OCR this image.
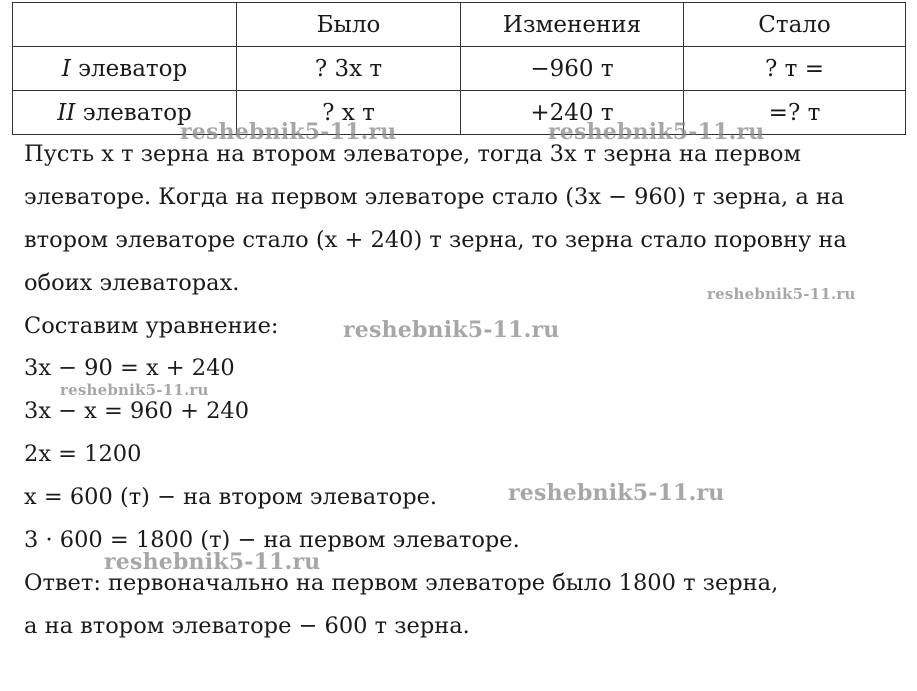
	Было	Изменения	Стало
I элеватор	? 3x т	−960 т	? т =
II элеватор	? x т	+240 т	=? т
Пусть x т зерна на втором элеваторе, тогда 3x т зерна на первом
элеваторе. Когда на первом элеваторе стало (3x − 960) т зерна, а на
втором элеваторе стало (x + 240) т зерна, то зерна стало поровну на
обоих элеваторах.
Составим уравнение:
3x − 90 = x + 240
3x − x = 960 + 240
2x = 1200
x = 600 (т) − на втором элеваторе.
3 · 600 = 1800 (т) − на первом элеваторе.
Ответ: первоначально на первом элеваторе было 1800 т зерна,
а на втором элеваторе − 600 т зерна.
reshebnik5-11.ru	reshebnik5-11.ru
reshebnik5-11.ru
reshebnik5-11.ru
reshebnik5-11.ru
reshebnik5-11.ru
reshebnik5-11.ru
